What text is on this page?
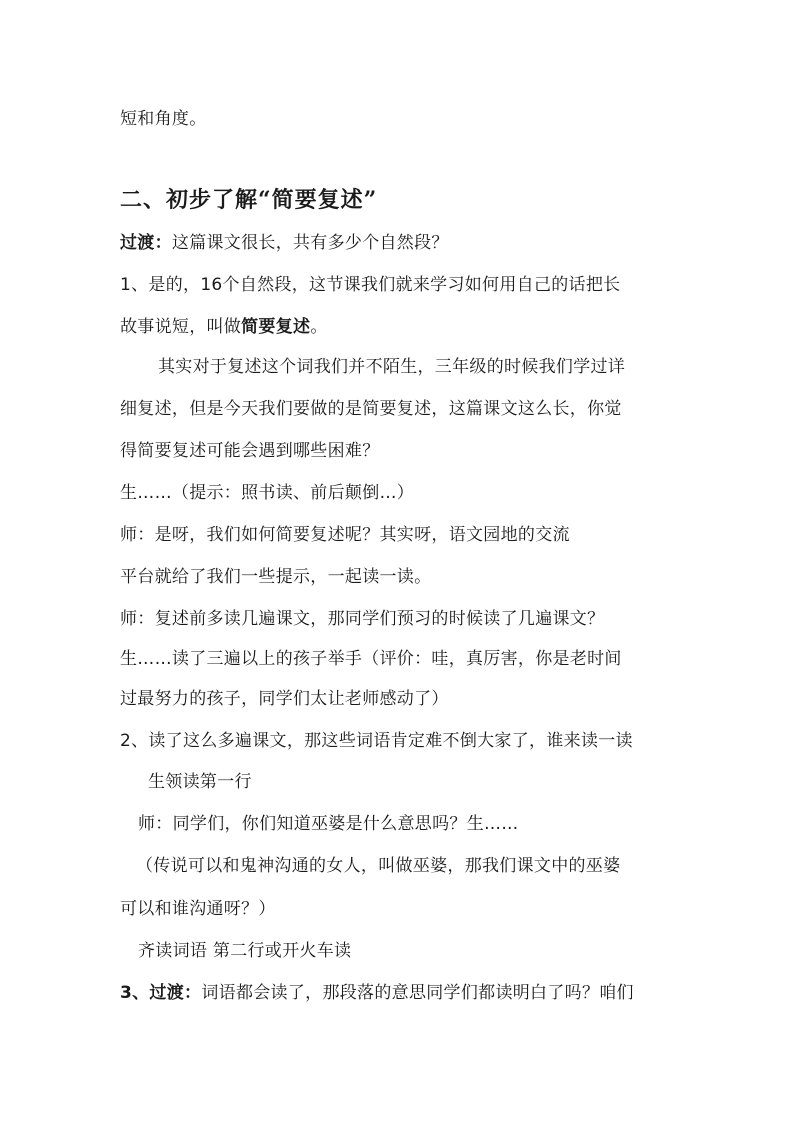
短和角度。
二、初步了解“简要复述”
过渡：这篇课文很长，共有多少个自然段？
1、是的，16个自然段，这节课我们就来学习如何用自己的话把长
故事说短，叫做简要复述。
其实对于复述这个词我们并不陌生，三年级的时候我们学过详
细复述，但是今天我们要做的是简要复述，这篇课文这么长，你觉
得简要复述可能会遇到哪些困难？
生……（提示：照书读、前后颠倒…）
师：是呀，我们如何简要复述呢？其实呀，语文园地的交流
平台就给了我们一些提示，一起读一读。
师：复述前多读几遍课文，那同学们预习的时候读了几遍课文？
生……读了三遍以上的孩子举手（评价：哇，真厉害，你是老时间
过最努力的孩子，同学们太让老师感动了）
2、读了这么多遍课文，那这些词语肯定难不倒大家了，谁来读一读
生领读第一行
师：同学们，你们知道巫婆是什么意思吗？生……
（传说可以和鬼神沟通的女人，叫做巫婆，那我们课文中的巫婆
可以和谁沟通呀？）
齐读词语 第二行或开火车读
3、过渡：词语都会读了，那段落的意思同学们都读明白了吗？咱们
